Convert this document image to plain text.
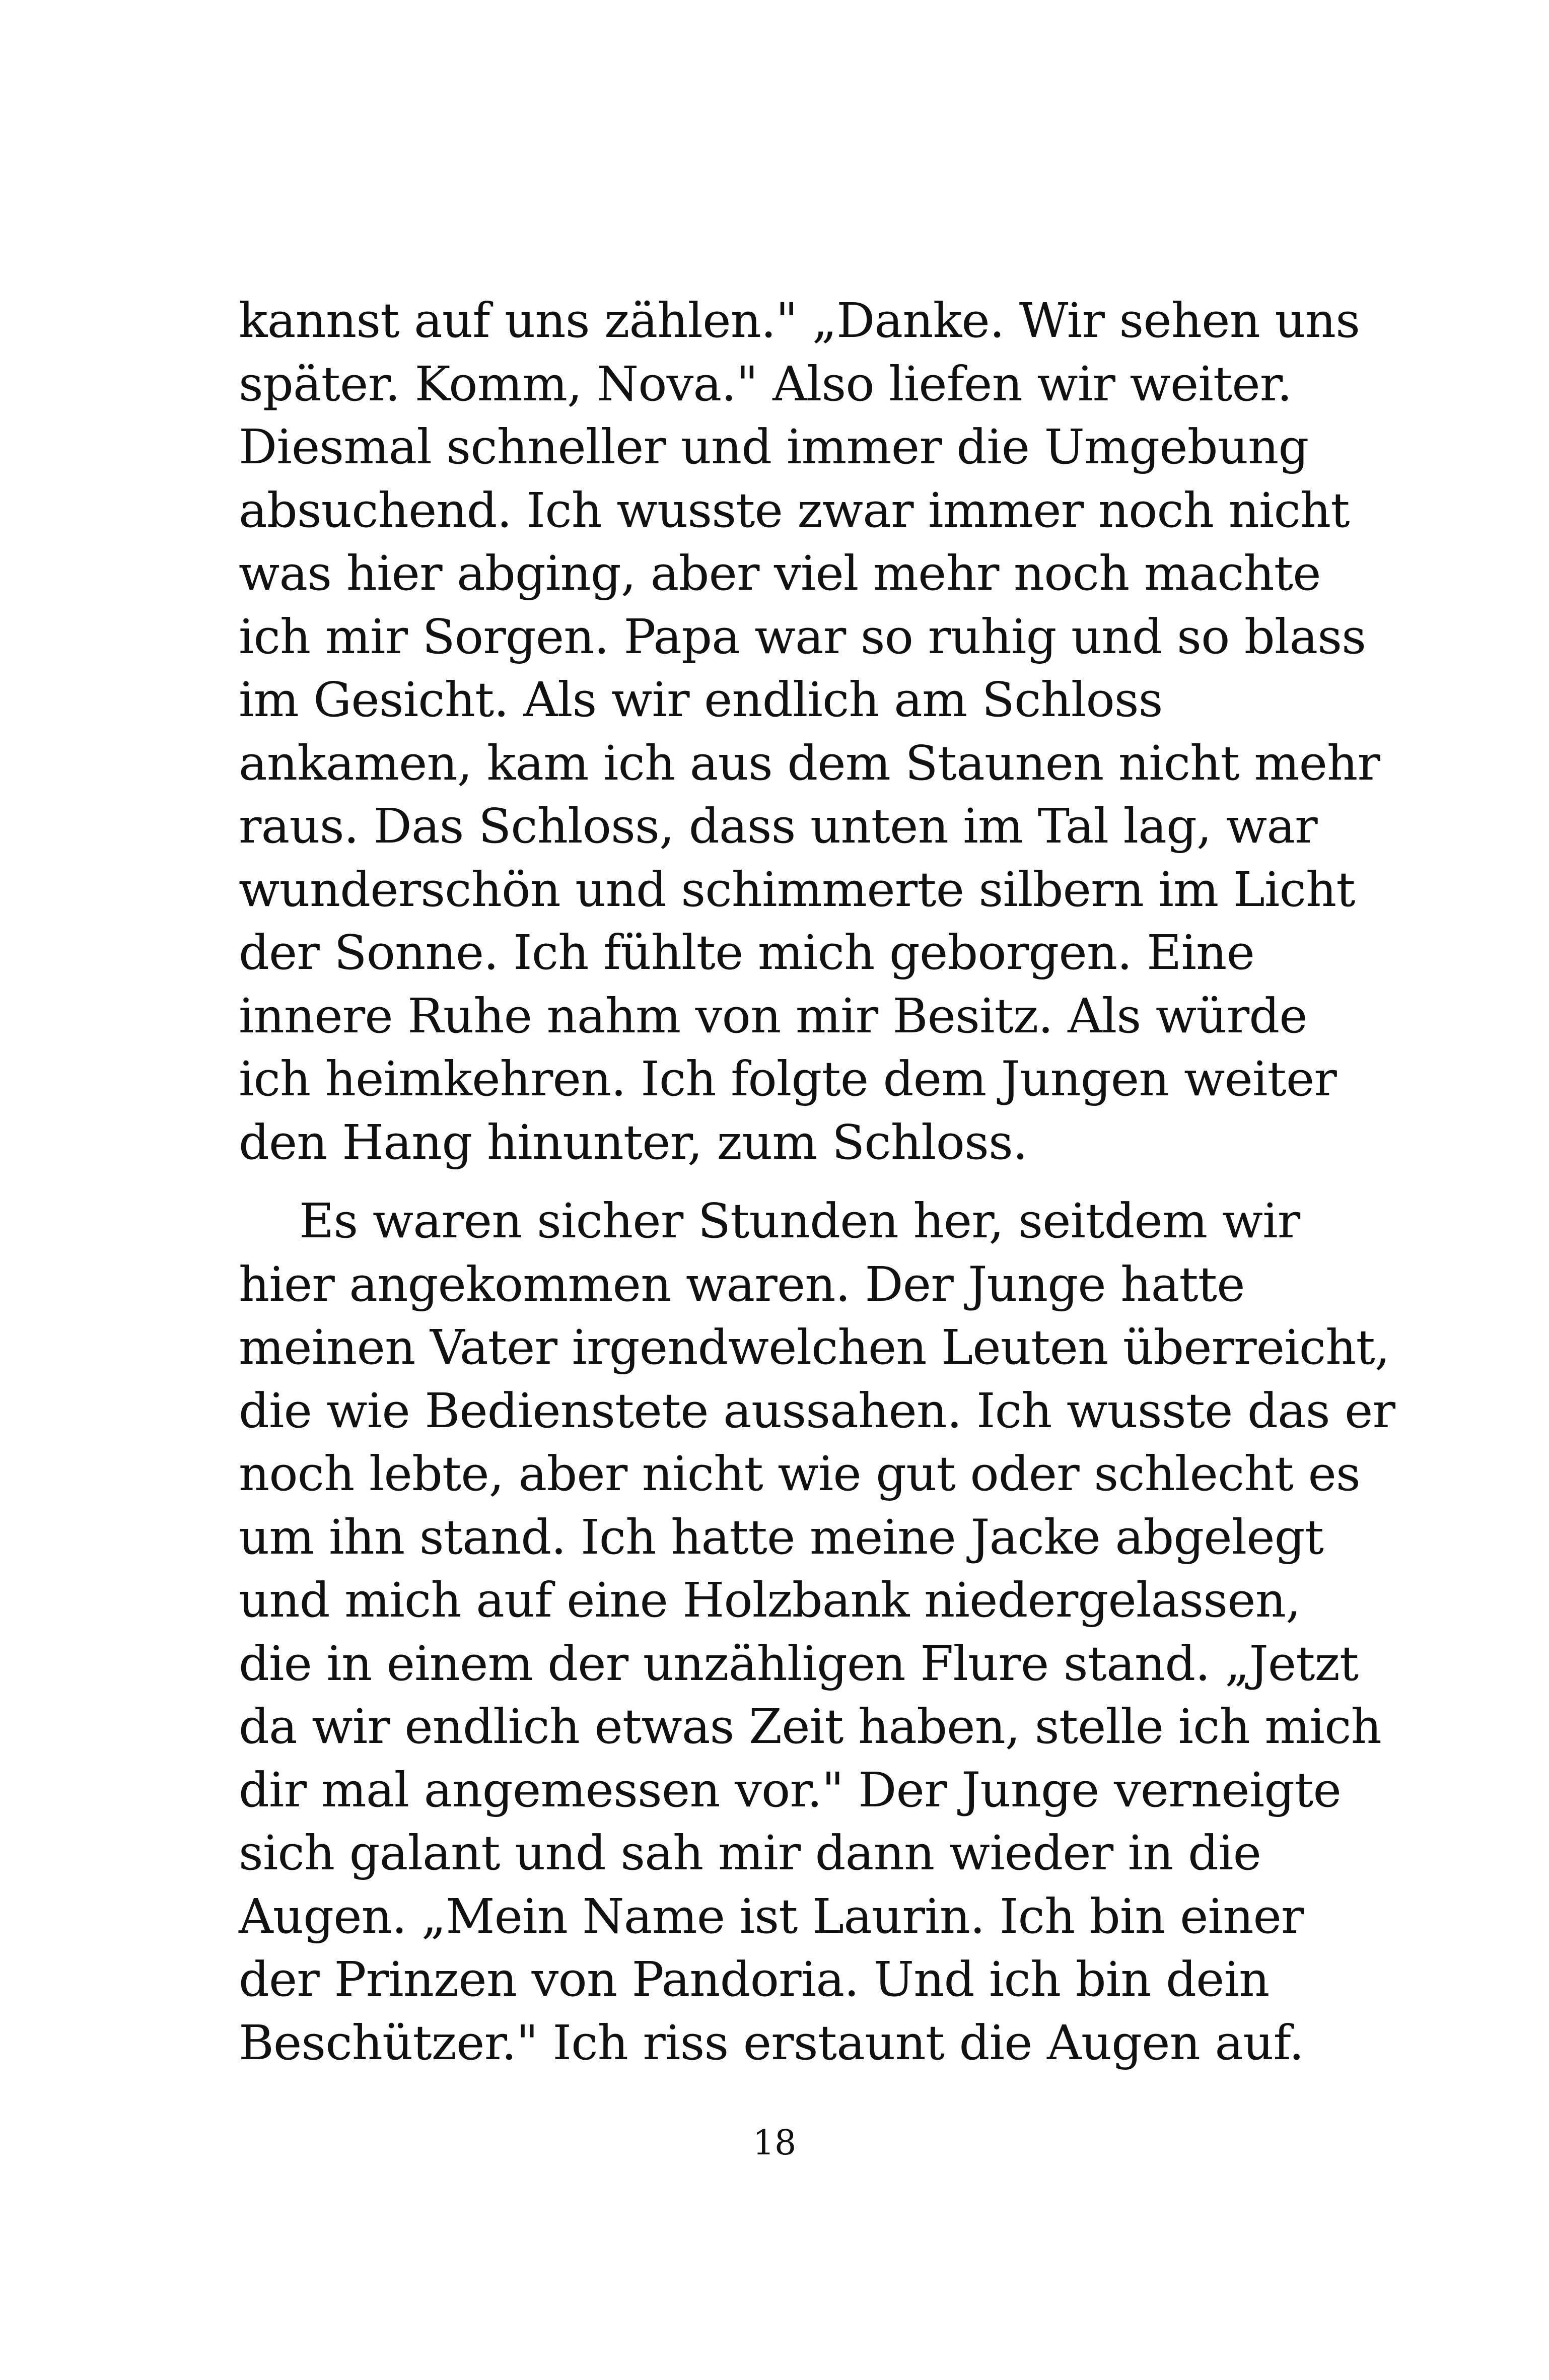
kannst auf uns zählen." „Danke. Wir sehen uns
später. Komm, Nova." Also liefen wir weiter.
Diesmal schneller und immer die Umgebung
absuchend. Ich wusste zwar immer noch nicht
was hier abging, aber viel mehr noch machte
ich mir Sorgen. Papa war so ruhig und so blass
im Gesicht. Als wir endlich am Schloss
ankamen, kam ich aus dem Staunen nicht mehr
raus. Das Schloss, dass unten im Tal lag, war
wunderschön und schimmerte silbern im Licht
der Sonne. Ich fühlte mich geborgen. Eine
innere Ruhe nahm von mir Besitz. Als würde
ich heimkehren. Ich folgte dem Jungen weiter
den Hang hinunter, zum Schloss.
Es waren sicher Stunden her, seitdem wir
hier angekommen waren. Der Junge hatte
meinen Vater irgendwelchen Leuten überreicht,
die wie Bedienstete aussahen. Ich wusste das er
noch lebte, aber nicht wie gut oder schlecht es
um ihn stand. Ich hatte meine Jacke abgelegt
und mich auf eine Holzbank niedergelassen,
die in einem der unzähligen Flure stand. „Jetzt
da wir endlich etwas Zeit haben, stelle ich mich
dir mal angemessen vor." Der Junge verneigte
sich galant und sah mir dann wieder in die
Augen. „Mein Name ist Laurin. Ich bin einer
der Prinzen von Pandoria. Und ich bin dein
Beschützer." Ich riss erstaunt die Augen auf.
18
